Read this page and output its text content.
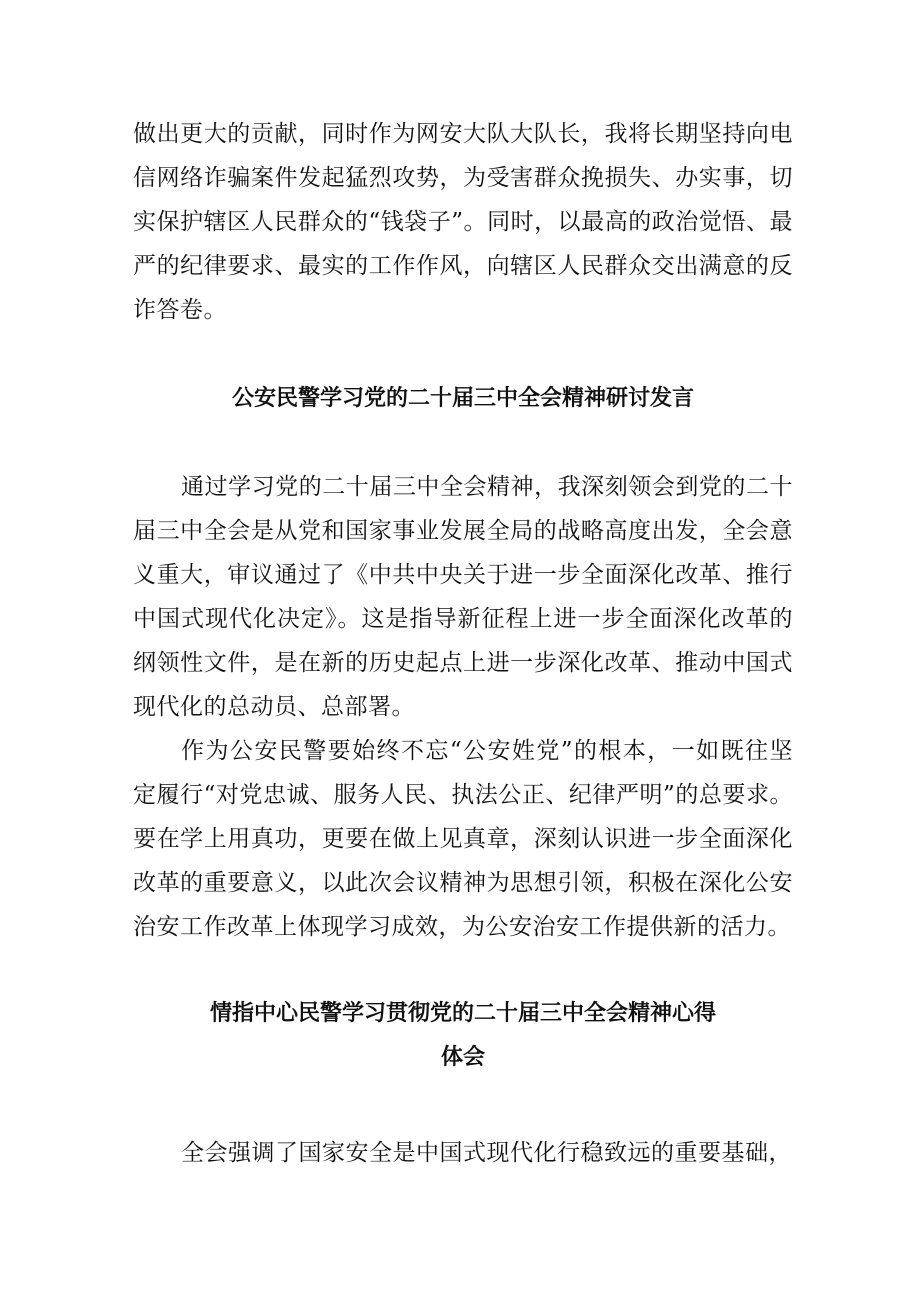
做出更大的贡献，同时作为网安大队大队长，我将长期坚持向电信网络诈骗案件发起猛烈攻势，为受害群众挽损失、办实事，切实保护辖区人民群众的“钱袋子”。同时，以最高的政治觉悟、最严的纪律要求、最实的工作作风，向辖区人民群众交出满意的反诈答卷。

公安民警学习党的二十届三中全会精神研讨发言

通过学习党的二十届三中全会精神，我深刻领会到党的二十届三中全会是从党和国家事业发展全局的战略高度出发，全会意义重大，审议通过了《中共中央关于进一步全面深化改革、推行中国式现代化决定》。这是指导新征程上进一步全面深化改革的纲领性文件，是在新的历史起点上进一步深化改革、推动中国式现代化的总动员、总部署。

作为公安民警要始终不忘“公安姓党”的根本，一如既往坚定履行“对党忠诚、服务人民、执法公正、纪律严明”的总要求。要在学上用真功，更要在做上见真章，深刻认识进一步全面深化改革的重要意义，以此次会议精神为思想引领，积极在深化公安治安工作改革上体现学习成效，为公安治安工作提供新的活力。

情指中心民警学习贯彻党的二十届三中全会精神心得
体会

全会强调了国家安全是中国式现代化行稳致远的重要基础，
